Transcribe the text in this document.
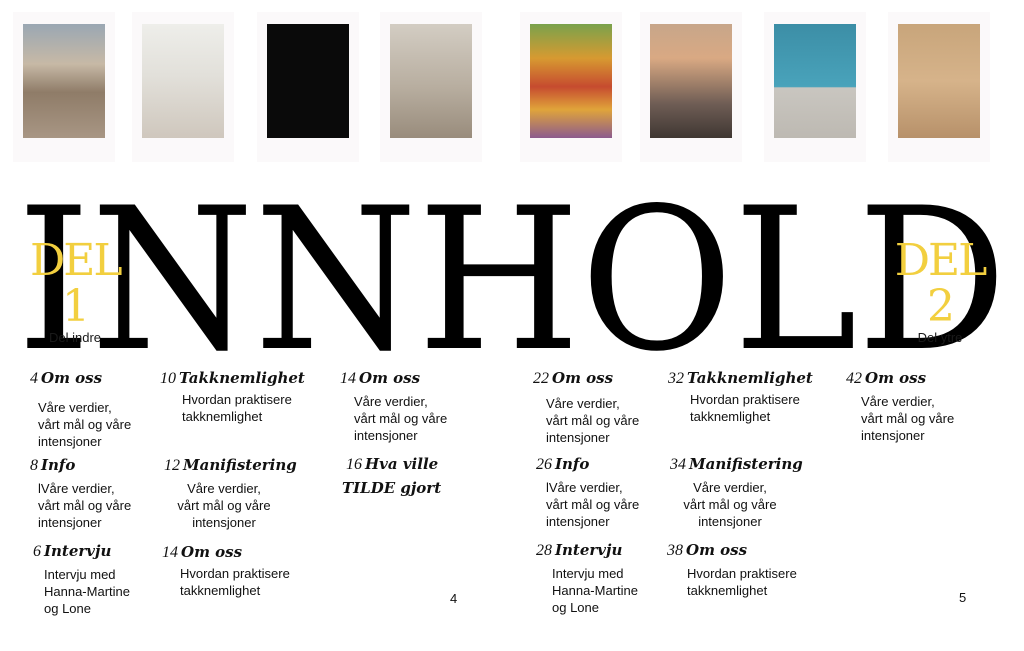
INNHOLD
DEL 1
Del indre
DEL 2
Del ytre
4 Om oss
Våre verdier,
vårt mål og våre
intensjoner
8 Info
lVåre verdier,
vårt mål og våre
intensjoner
6 Intervju
Intervju med
Hanna-Martine
og Lone
10 Takknemlighet
Hvordan praktisere
takknemlighet
12 Manifistering
Våre verdier,
vårt mål og våre
intensjoner
14 Om oss
Hvordan praktisere
takknemlighet
14 Om oss
Våre verdier,
vårt mål og våre
intensjoner
16 Hva ville
TILDE gjort
22 Om oss
Våre verdier,
vårt mål og våre
intensjoner
26 Info
lVåre verdier,
vårt mål og våre
intensjoner
28 Intervju
Intervju med
Hanna-Martine
og Lone
32 Takknemlighet
Hvordan praktisere
takknemlighet
34 Manifistering
Våre verdier,
vårt mål og våre
intensjoner
38 Om oss
Hvordan praktisere
takknemlighet
42 Om oss
Våre verdier,
vårt mål og våre
intensjoner
4	5
